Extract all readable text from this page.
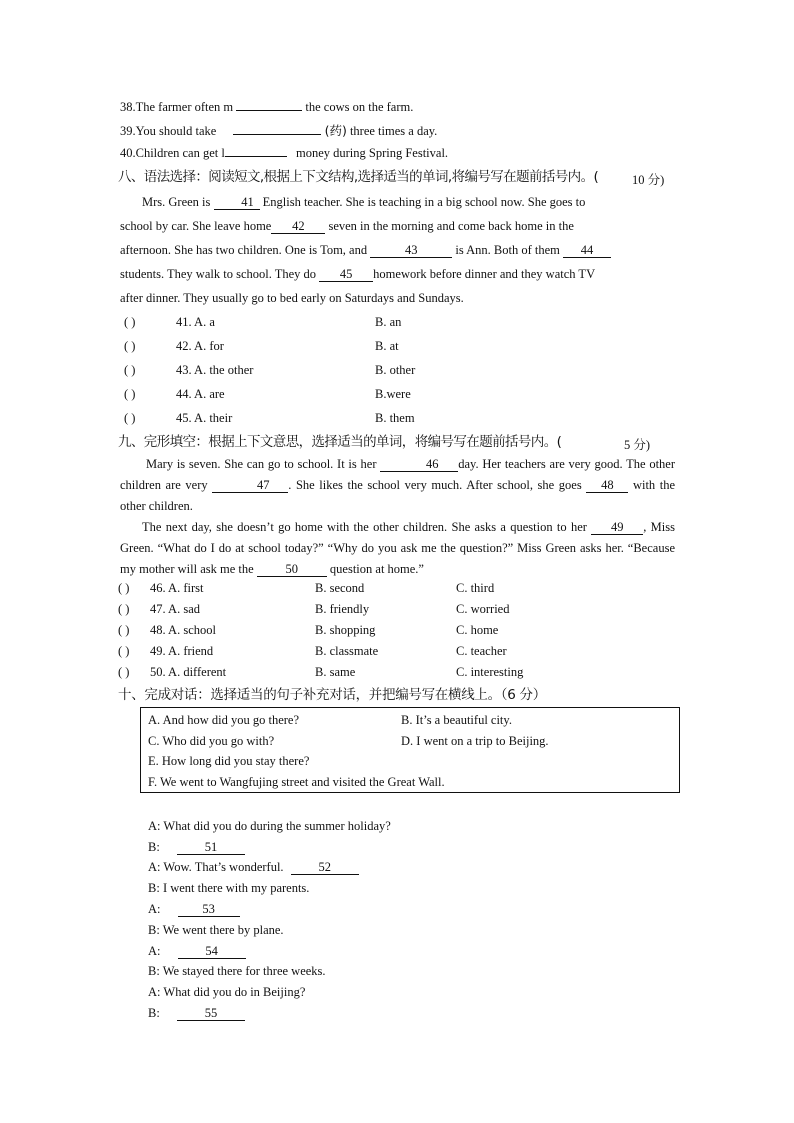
38.The farmer often m	the cows on the farm.
39.You should take	(药) three times a day.
40.Children can get l	money during Spring Festival.
八、语法选择：阅读短文,根据上下文结构,选择适当的单词,将编号写在题前括号内。(	10 分)
Mrs. Green is 41 English teacher. She is teaching in a big school now. She goes to
school by car. She leave home 42 seven in the morning and come back home in the
afternoon. She has two children. One is Tom, and	43	is Ann. Both of them 44
students. They walk to school. They do 45 homework before dinner and they watch TV
after dinner. They usually go to bed early on Saturdays and Sundays.
( )	41. A. a	B. an
( )	42. A. for	B. at
( )	43. A. the other	B. other
( )	44. A. are	B.were
( )	45. A. their	B. them
九、完形填空：根据上下文意思，选择适当的单词，将编号写在题前括号内。(	5 分)
Mary is seven. She can go to school. It is her	46 day. Her teachers are very good. The other children are very	47 . She likes the school very much. After school, she goes 48 with the other children.
The next day, she doesn’t go home with the other children. She asks a question to her 49 , Miss Green. “What do I do at school today?” “Why do you ask me the question?” Miss Green asks her. “Because my mother will ask me the	50	question at home.”
( ) 46. A. first	B. second	C. third
( ) 47. A. sad	B. friendly	C. worried
( ) 48. A. school	B. shopping	C. home
( ) 49. A. friend	B. classmate	C. teacher
( ) 50. A. different	B. same	C. interesting
十、完成对话：选择适当的句子补充对话，并把编号写在横线上。（6 分）
A. And how did you go there?	B. It’s a beautiful city.
C. Who did you go with?	D. I went on a trip to Beijing.
E. How long did you stay there?
F. We went to Wangfujing street and visited the Great Wall.
A: What did you do during the summer holiday?
B:	51
A: Wow. That’s wonderful.	52
B: I went there with my parents.
A:	53
B: We went there by plane.
A:	54
B: We stayed there for three weeks.
A: What did you do in Beijing?
B:	55
